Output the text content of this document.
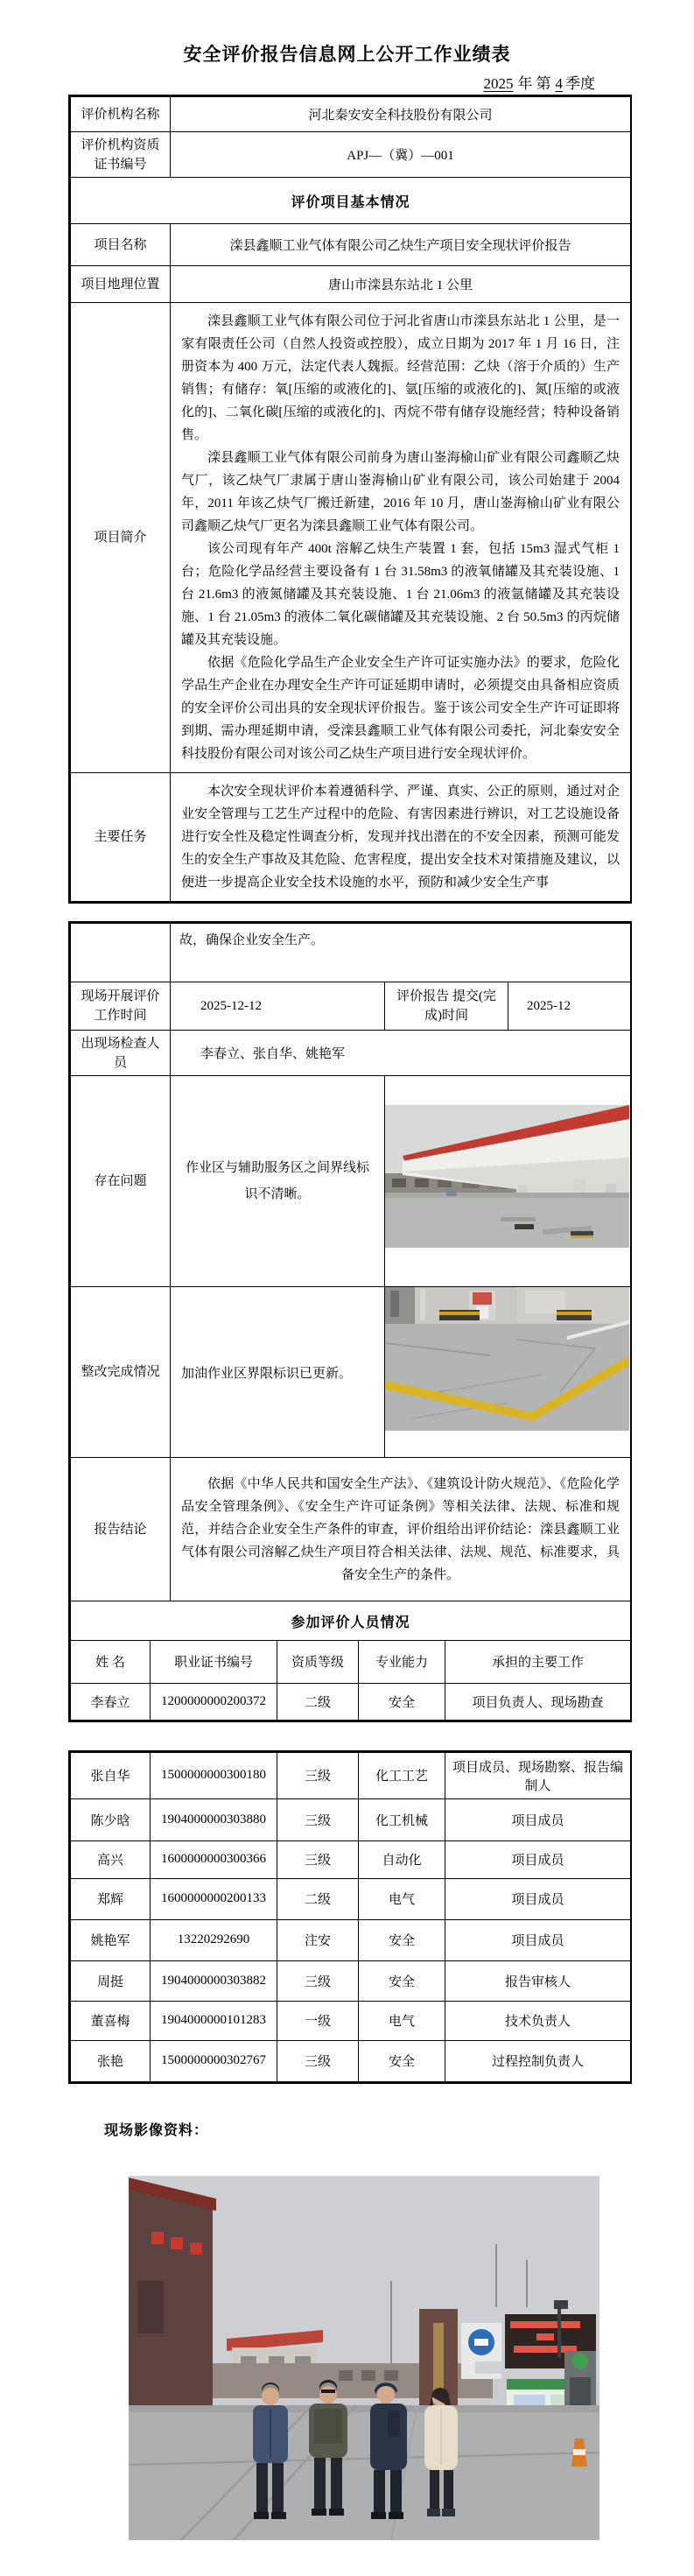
安全评价报告信息网上公开工作业绩表
2025 年 第 4 季度
评价机构名称	河北秦安安全科技股份有限公司
评价机构资质证书编号	APJ—（冀）—001
评价项目基本情况	
项目名称	滦县鑫顺工业气体有限公司乙炔生产项目安全现状评价报告
项目地理位置	唐山市滦县东站北 1 公里
项目简介	滦县鑫顺工业气体有限公司位于河北省唐山市滦县东站北 1 公里，是一家有限责任公司（自然人投资或控股），成立日期为 2017 年 1 月 16 日，注册资本为 400 万元，法定代表人魏振。经营范围：乙炔（溶于介质的）生产销售；有储存：氧[压缩的或液化的]、氩[压缩的或液化的]、氮[压缩的或液化的]、二氧化碳[压缩的或液化的]、丙烷不带有储存设施经营；特种设备销售。

滦县鑫顺工业气体有限公司前身为唐山崟海榆山矿业有限公司鑫顺乙炔气厂，该乙炔气厂隶属于唐山崟海榆山矿业有限公司，该公司始建于 2004 年，2011 年该乙炔气厂搬迁新建，2016 年 10 月，唐山崟海榆山矿业有限公司鑫顺乙炔气厂更名为滦县鑫顺工业气体有限公司。

该公司现有年产 400t 溶解乙炔生产装置 1 套，包括 15m3 湿式气柜 1 台；危险化学品经营主要设备有 1 台 31.58m3 的液氧储罐及其充装设施、1 台 21.6m3 的液氮储罐及其充装设施、1 台 21.06m3 的液氩储罐及其充装设施、1 台 21.05m3 的液体二氧化碳储罐及其充装设施、2 台 50.5m3 的丙烷储罐及其充装设施。

依据《危险化学品生产企业安全生产许可证实施办法》的要求，危险化学品生产企业在办理安全生产许可证延期申请时，必须提交由具备相应资质的安全评价公司出具的安全现状评价报告。鉴于该公司安全生产许可证即将到期、需办理延期申请，受滦县鑫顺工业气体有限公司委托，河北秦安安全科技股份有限公司对该公司乙炔生产项目进行安全现状评价。

主要任务	本次安全现状评价本着遵循科学、严谨、真实、公正的原则，通过对企业安全管理与工艺生产过程中的危险、有害因素进行辨识，对工艺设施设备进行安全性及稳定性调查分析，发现并找出潜在的不安全因素，预测可能发生的安全生产事故及其危险、危害程度，提出安全技术对策措施及建议，以便进一步提高企业安全技术设施的水平，预防和减少安全生产事

	故，确保企业安全生产。		

现场开展评价 工作时间	2025-12-12	评价报告 提交(完成)时间	2025-12
出现场检查人员	李春立、张自华、姚艳军		
存在问题	作业区与辅助服务区之间界线标识不清晰。	

整改完成情况	加油作业区界限标识已更新。	

报告结论	依据《中华人民共和国安全生产法》、《建筑设计防火规范》、《危险化学品安全管理条例》、《安全生产许可证条例》等相关法律、法规、标准和规范，并结合企业安全生产条件的审查，评价组给出评价结论：滦县鑫顺工业气体有限公司溶解乙炔生产项目符合相关法律、法规、规范、标准要求，具备安全生产的条件。		

参加评价人员情况			
姓 名	职业证书编号	资质等级	专业能力	承担的主要工作
李春立	1200000000200372	二级	安全	项目负责人、现场勘查
张自华	1500000000300180	三级	化工工艺	项目成员、现场勘察、报告编制人
陈少晗	1904000000303880	三级	化工机械	项目成员
高兴	1600000000300366	三级	自动化	项目成员
郑辉	1600000000200133	二级	电气	项目成员
姚艳军	13220292690	注安	安全	项目成员
周挺	1904000000303882	三级	安全	报告审核人
董喜梅	1904000000101283	一级	电气	技术负责人
张艳	1500000000302767	三级	安全	过程控制负责人
现场影像资料：
